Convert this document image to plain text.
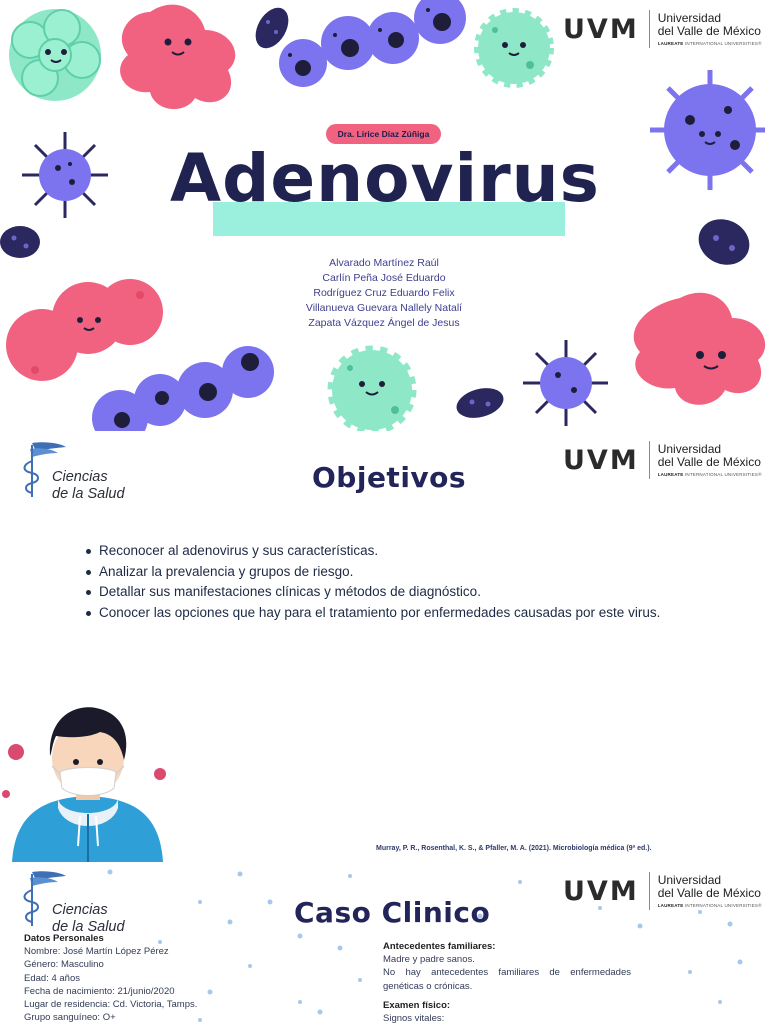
UVM Universidad
del Valle de México
LAUREATE INTERNATIONAL UNIVERSITIES®
Dra. Lirice Díaz Zúñiga
Adenovirus
Alvarado Martínez Raúl
Carlín Peña José Eduardo
Rodríguez Cruz Eduardo Felix
Villanueva Guevara Nallely Natalí
Zapata Vázquez Ángel de Jesus
Ciencias
de la Salud	Objetivos
UVM Universidad
del Valle de México
LAUREATE INTERNATIONAL UNIVERSITIES®
Reconocer al adenovirus y sus características.
Analizar la prevalencia y grupos de riesgo.
Detallar sus manifestaciones clínicas y métodos de diagnóstico.
Conocer las opciones que hay para el tratamiento por enfermedades causadas por este virus.
Murray, P. R., Rosenthal, K. S., & Pfaller, M. A. (2021). Microbiología médica (9ª ed.).
Ciencias
de la Salud	Caso Clinico
UVM Universidad
del Valle de México
LAUREATE INTERNATIONAL UNIVERSITIES®
Datos Personales
Nombre: José Martín López Pérez
Género: Masculino
Edad: 4 años
Fecha de nacimiento: 21/junio/2020
Lugar de residencia: Cd. Victoria, Tamps.
Grupo sanguíneo: O+
Antecedentes familiares:
Madre y padre sanos.
No hay antecedentes familiares de enfermedades genéticas o crónicas.
Examen físico:
Signos vitales:
